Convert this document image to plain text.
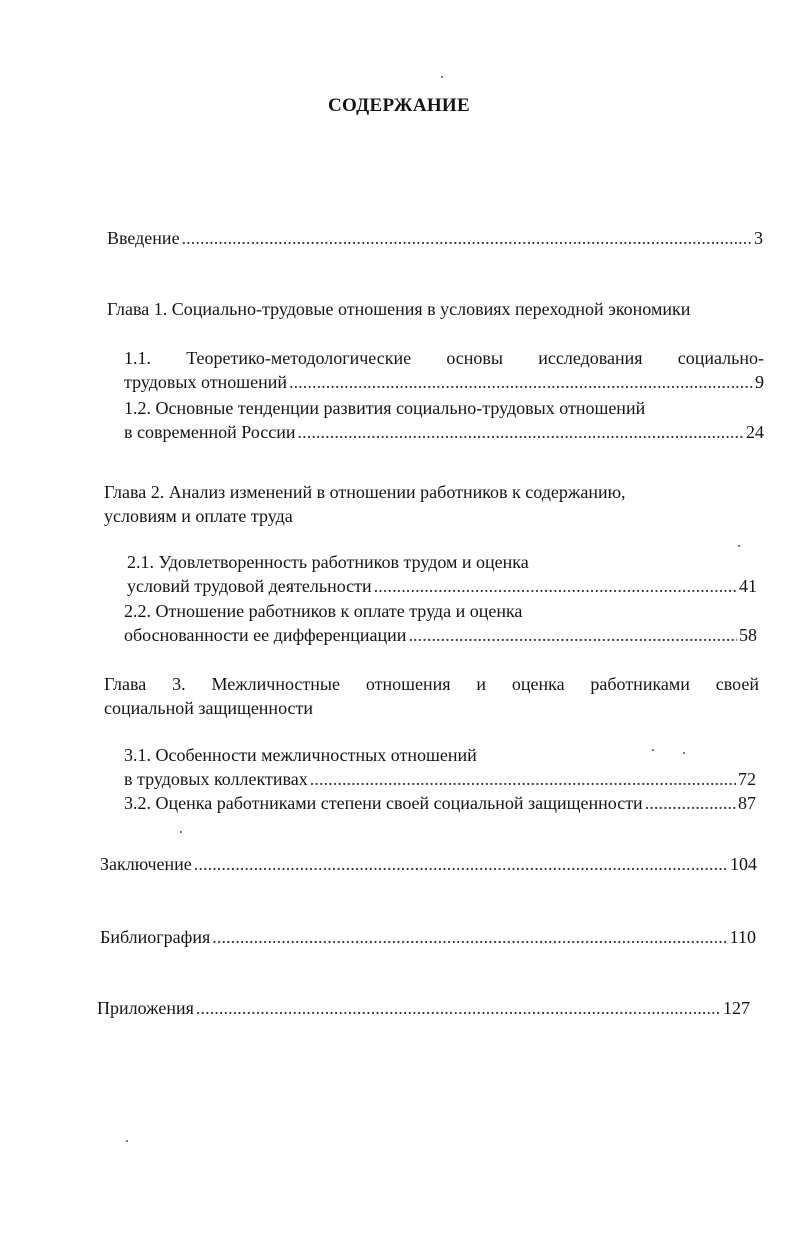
СОДЕРЖАНИЕ
Введение . . .	3
Глава 1. Социально-трудовые отношения в условиях переходной экономики
1.1. Теоретико-методологические основы исследования социально-
трудовых отношений . . .	9
1.2. Основные тенденции развития социально-трудовых отношений
в современной России . . .	24
Глава 2. Анализ изменений в отношении работников к содержанию,
условиям и оплате труда
2.1. Удовлетворенность работников трудом и оценка
условий трудовой деятельности . . .	41
2.2. Отношение работников к оплате труда и оценка
обоснованности ее дифференциации . . .	58
Глава 3. Межличностные отношения и оценка работниками своей
социальной защищенности
3.1. Особенности межличностных отношений
в трудовых коллективах . . .	72
3.2. Оценка работниками степени своей социальной защищенности . . .	87
Заключение . . .	104
Библиография . . .	110
Приложения . . .	127
